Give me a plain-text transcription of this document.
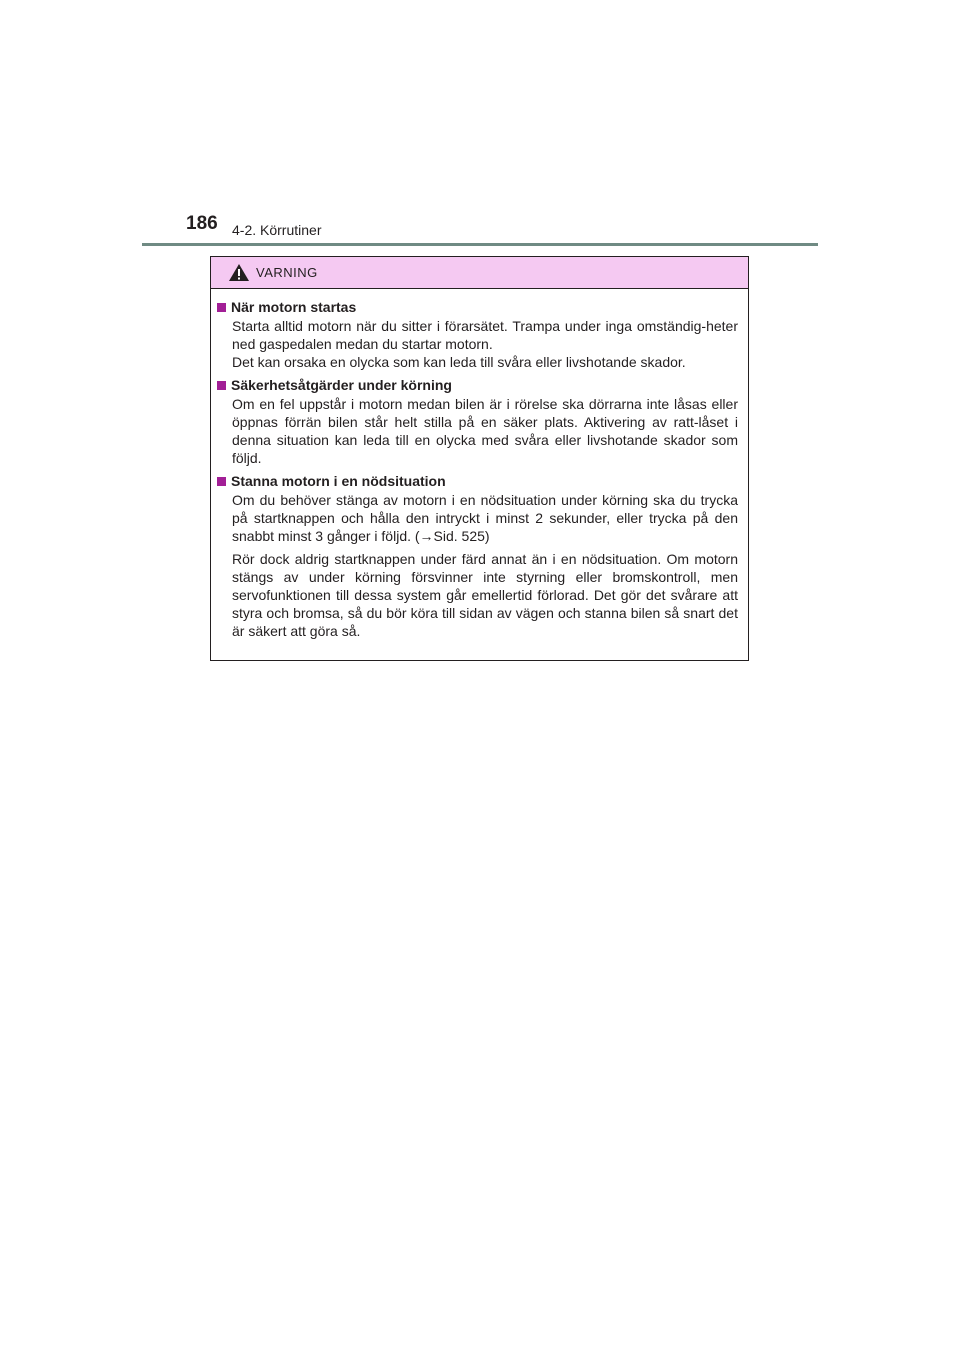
186 4-2. Körrutiner
VARNING
När motorn startas

Starta alltid motorn när du sitter i förarsätet. Trampa under inga omständig-heter ned gaspedalen medan du startar motorn.

Det kan orsaka en olycka som kan leda till svåra eller livshotande skador.

Säkerhetsåtgärder under körning

Om en fel uppstår i motorn medan bilen är i rörelse ska dörrarna inte låsas eller öppnas förrän bilen står helt stilla på en säker plats. Aktivering av ratt-låset i denna situation kan leda till en olycka med svåra eller livshotande skador som följd.

Stanna motorn i en nödsituation

Om du behöver stänga av motorn i en nödsituation under körning ska du trycka på startknappen och hålla den intryckt i minst 2 sekunder, eller trycka på den snabbt minst 3 gånger i följd. (→Sid. 525)

Rör dock aldrig startknappen under färd annat än i en nödsituation. Om motorn stängs av under körning försvinner inte styrning eller bromskontroll, men servofunktionen till dessa system går emellertid förlorad. Det gör det svårare att styra och bromsa, så du bör köra till sidan av vägen och stanna bilen så snart det är säkert att göra så.
